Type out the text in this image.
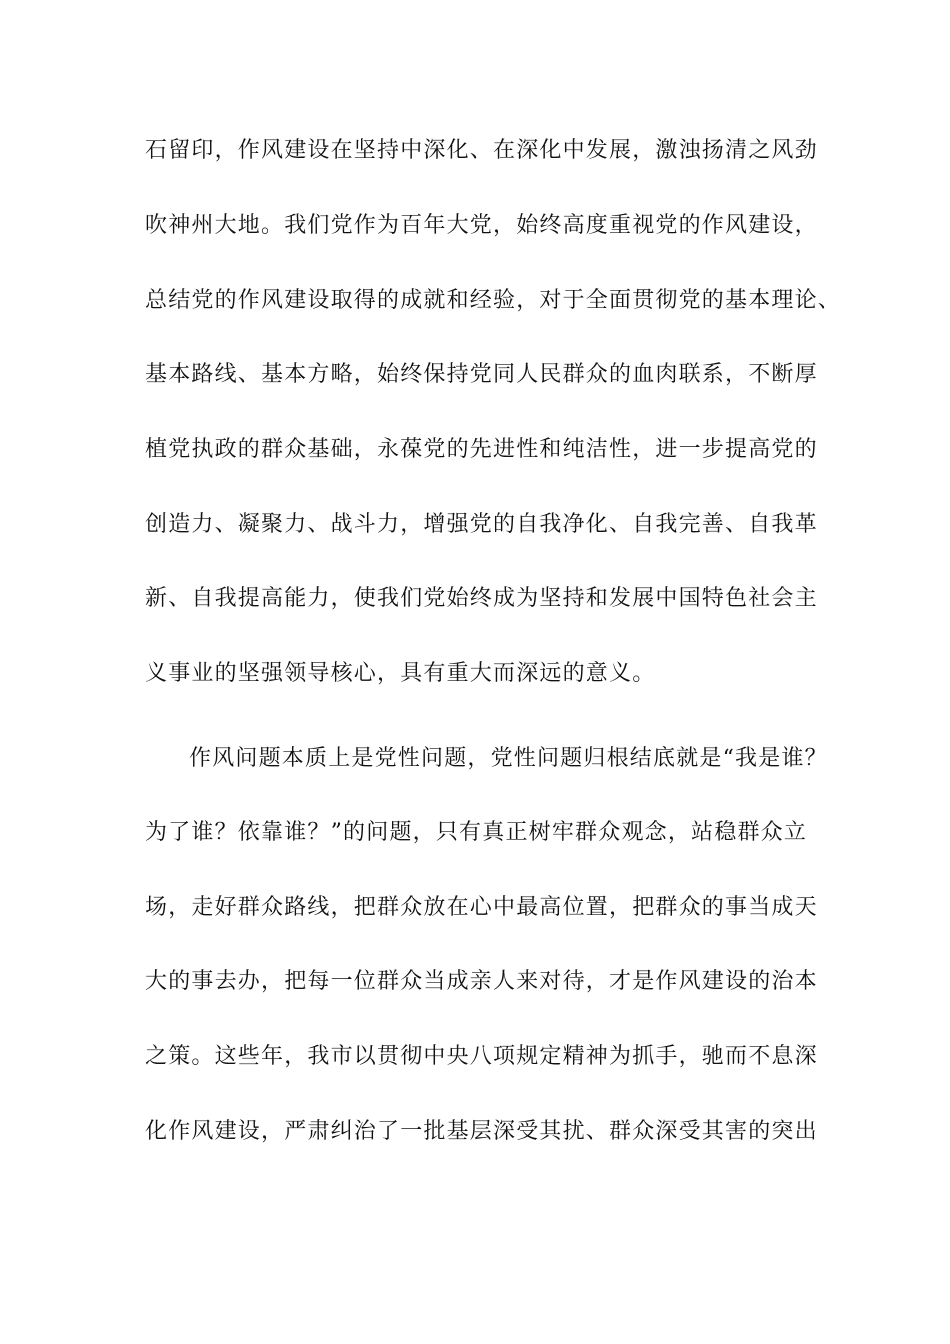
石留印，作风建设在坚持中深化、在深化中发展，激浊扬清之风劲

吹神州大地。我们党作为百年大党，始终高度重视党的作风建设，

总结党的作风建设取得的成就和经验，对于全面贯彻党的基本理论、

基本路线、基本方略，始终保持党同人民群众的血肉联系，不断厚

植党执政的群众基础，永葆党的先进性和纯洁性，进一步提高党的

创造力、凝聚力、战斗力，增强党的自我净化、自我完善、自我革

新、自我提高能力，使我们党始终成为坚持和发展中国特色社会主

义事业的坚强领导核心，具有重大而深远的意义。

作风问题本质上是党性问题，党性问题归根结底就是“我是谁？

为了谁？依靠谁？”的问题，只有真正树牢群众观念，站稳群众立

场，走好群众路线，把群众放在心中最高位置，把群众的事当成天

大的事去办，把每一位群众当成亲人来对待，才是作风建设的治本

之策。这些年，我市以贯彻中央八项规定精神为抓手，驰而不息深

化作风建设，严肃纠治了一批基层深受其扰、群众深受其害的突出
